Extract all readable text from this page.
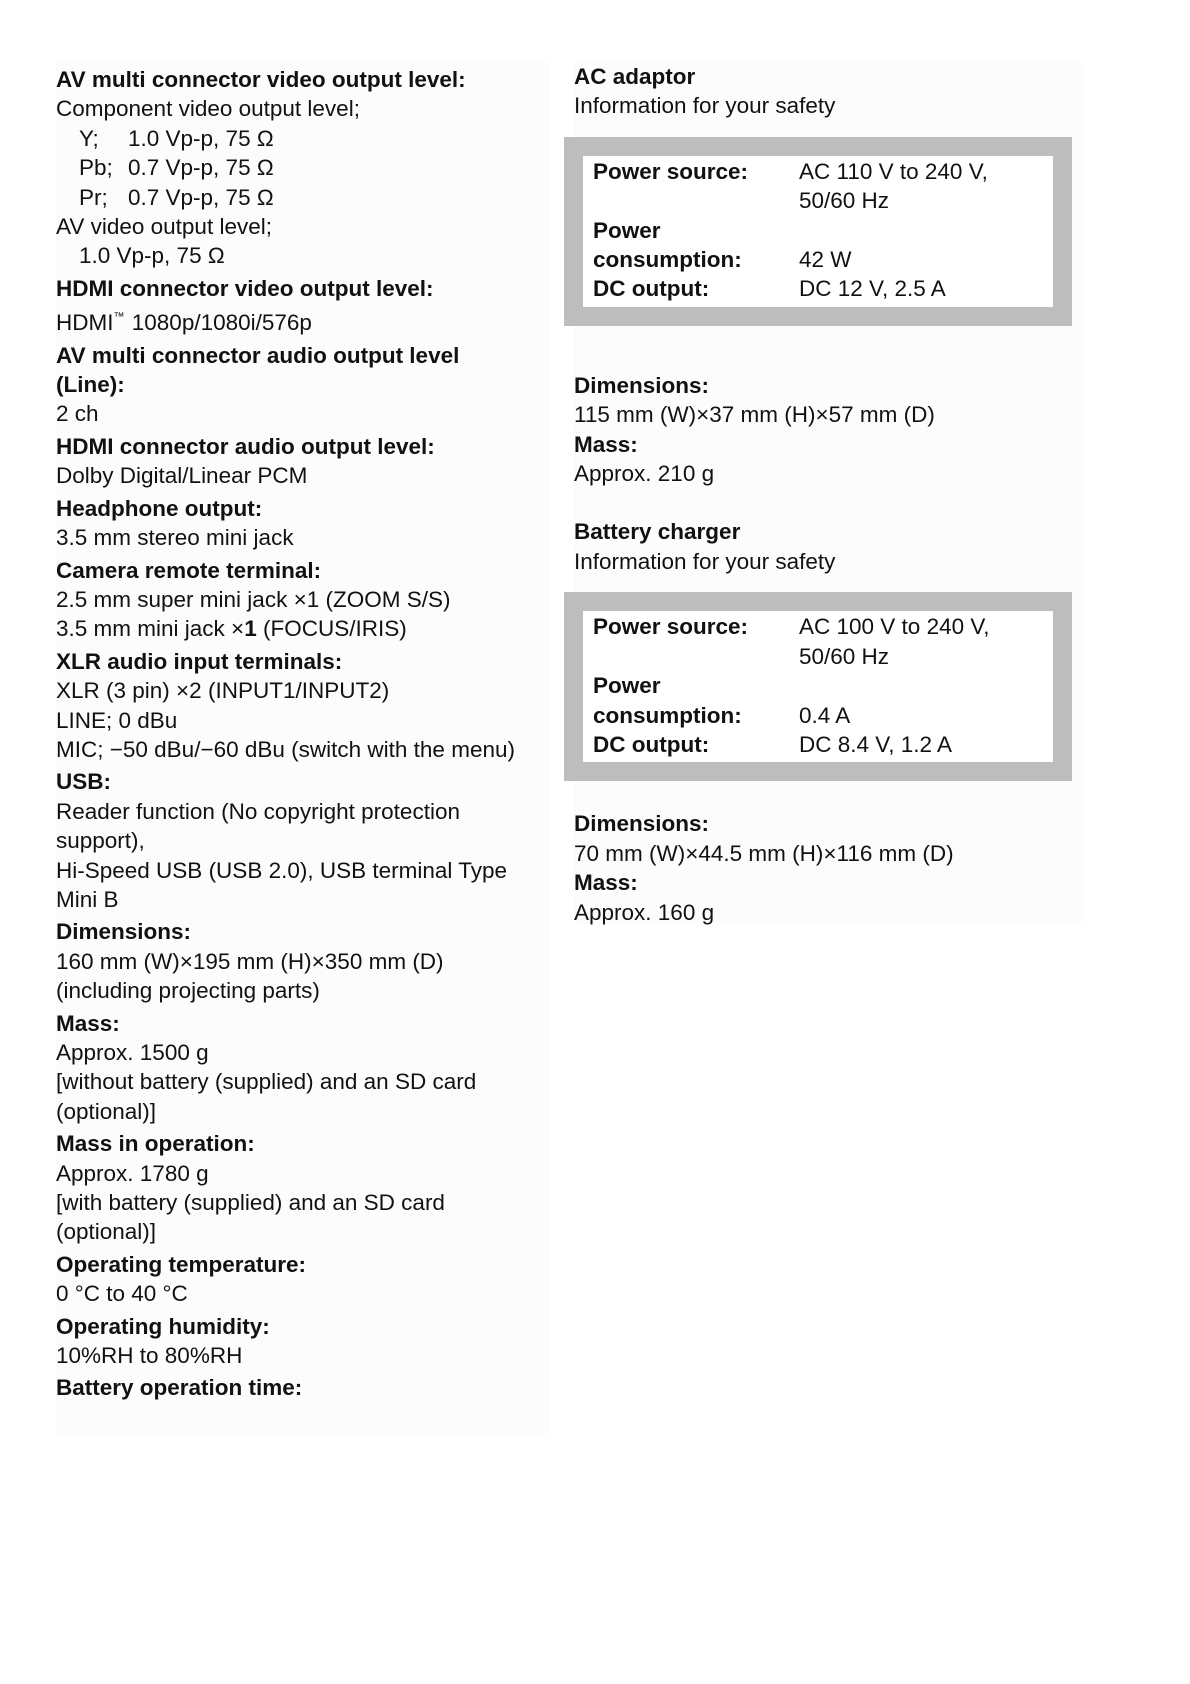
AV multi connector video output level:
Component video output level;
Y; 1.0 Vp-p, 75 Ω
Pb; 0.7 Vp-p, 75 Ω
Pr; 0.7 Vp-p, 75 Ω
AV video output level;
1.0 Vp-p, 75 Ω
HDMI connector video output level:
HDMI™ 1080p/1080i/576p
AV multi connector audio output level
(Line):
2 ch
HDMI connector audio output level:
Dolby Digital/Linear PCM
Headphone output:
3.5 mm stereo mini jack
Camera remote terminal:
2.5 mm super mini jack ×1 (ZOOM S/S)
3.5 mm mini jack ×1 (FOCUS/IRIS)
XLR audio input terminals:
XLR (3 pin) ×2 (INPUT1/INPUT2)
LINE; 0 dBu
MIC; −50 dBu/−60 dBu (switch with the menu)
USB:
Reader function (No copyright protection
support),
Hi-Speed USB (USB 2.0), USB terminal Type
Mini B
Dimensions:
160 mm (W)×195 mm (H)×350 mm (D)
(including projecting parts)
Mass:
Approx. 1500 g
[without battery (supplied) and an SD card
(optional)]
Mass in operation:
Approx. 1780 g
[with battery (supplied) and an SD card
(optional)]
Operating temperature:
0 °C to 40 °C
Operating humidity:
10%RH to 80%RH
Battery operation time:
AC adaptor
Information for your safety
Power source:	AC 110 V to 240 V,
50/60 Hz
Power
consumption:	42 W
DC output:	DC 12 V, 2.5 A
Dimensions:
115 mm (W)×37 mm (H)×57 mm (D)
Mass:
Approx. 210 g
Battery charger
Information for your safety
Power source:	AC 100 V to 240 V,
50/60 Hz
Power
consumption:	0.4 A
DC output:	DC 8.4 V, 1.2 A
Dimensions:
70 mm (W)×44.5 mm (H)×116 mm (D)
Mass:
Approx. 160 g
